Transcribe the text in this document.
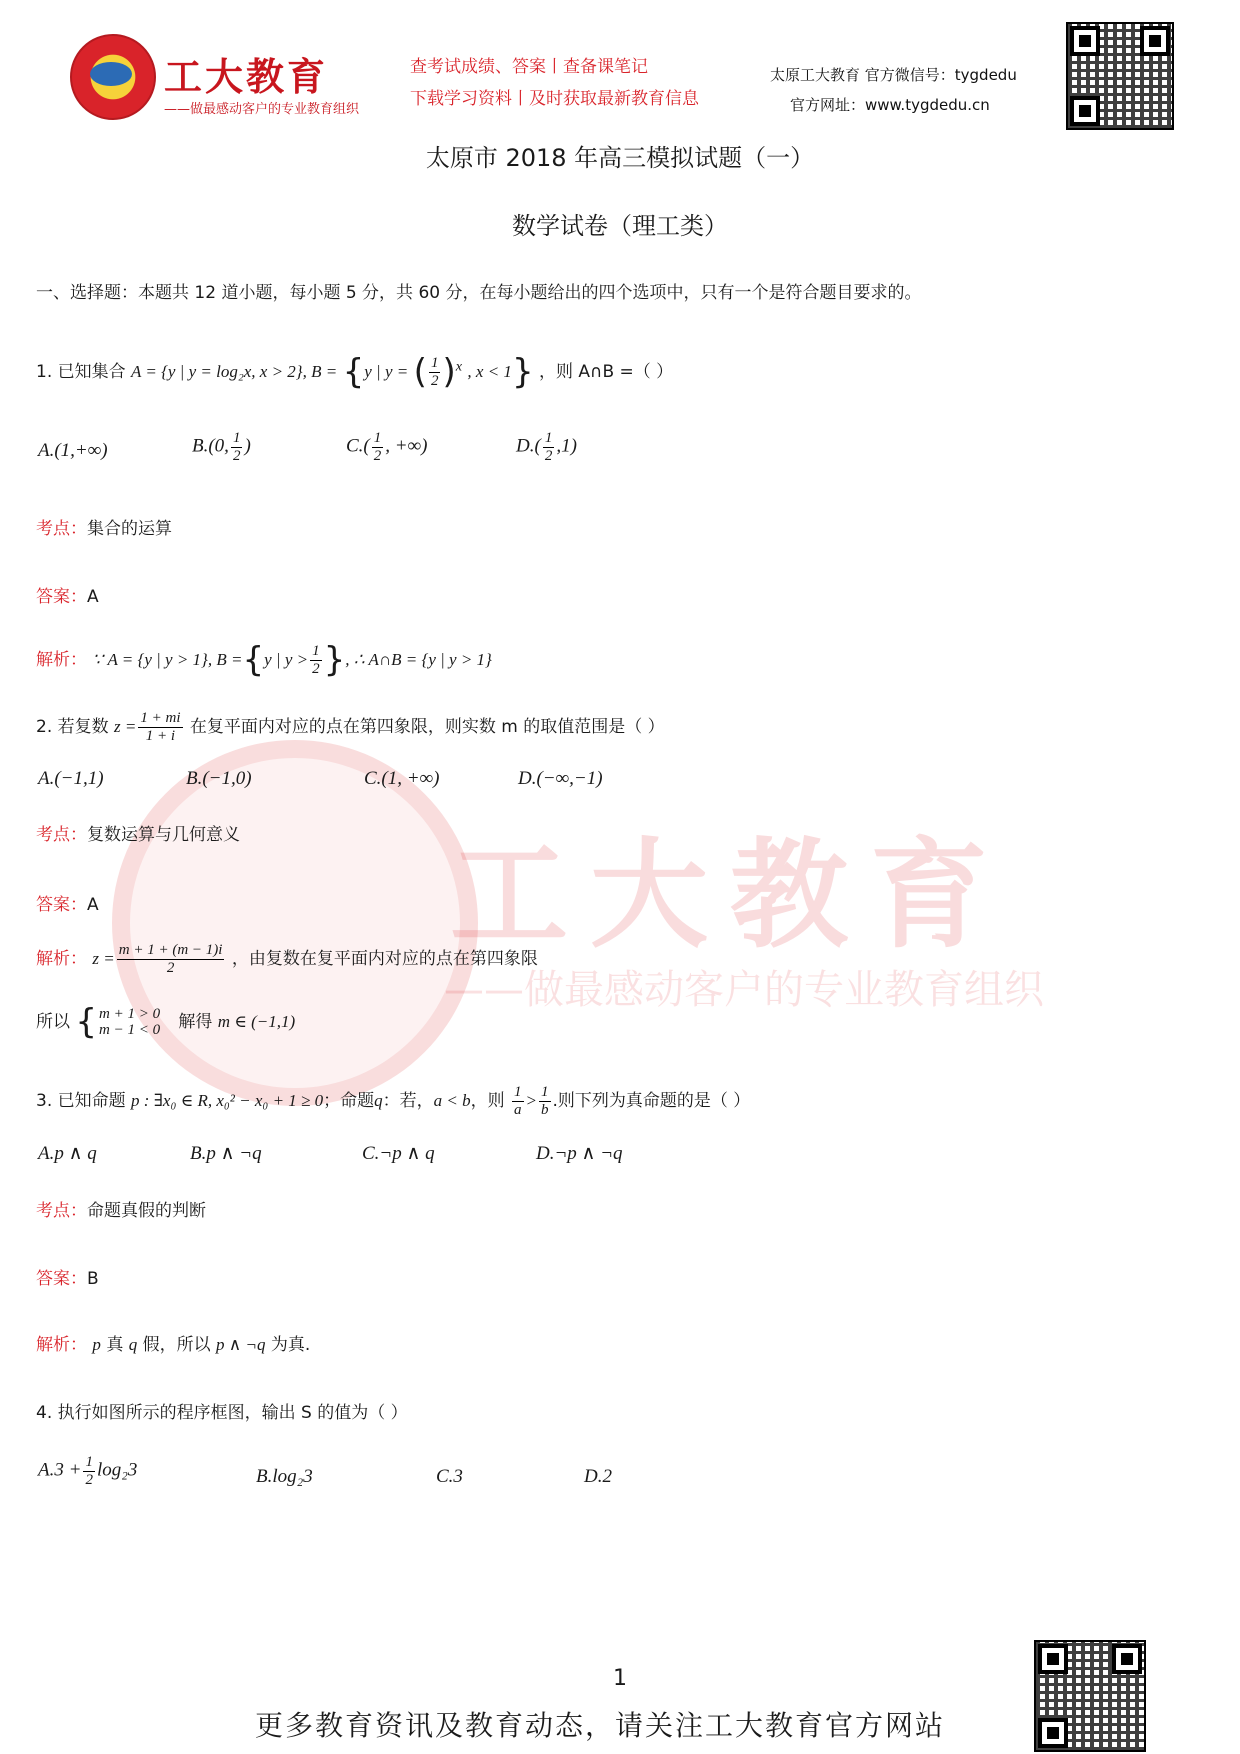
工大教育
——做最感动客户的专业教育组织
工大教育
——做最感动客户的专业教育组织
查考试成绩、答案丨查备课笔记
下载学习资料丨及时获取最新教育信息
太原工大教育 官方微信号：tygdedu
官方网址：www.tygdedu.cn
太原市 2018 年高三模拟试题（一）
数学试卷（理工类）
一、选择题：本题共 12 道小题，每小题 5 分，共 60 分，在每小题给出的四个选项中，只有一个是符合题目要求的。
1. 已知集合 A = {y | y = log₂x, x > 2}, B = {y | y = ( $\frac{1}{2} )^x$ , x < 1} ，则 A∩B =（ ）
A.(1,+∞)	B.(0, $\frac{1}{2}$ )	$C.( \frac{1}{2}$ , +∞)	$D.( \frac{1}{2} ,1)$
考点：集合的运算
答案：A
解析： ∵ A = {y | y > 1}, B ={y | $y > \frac{1}{2}$ }, ∴ A∩B = {y | y > 1}
2. 若复数 $z = \frac{1 + mi}{1 + i}$ 在复平面内对应的点在第四象限，则实数 m 的取值范围是（ ）
A.(−1,1)	B.(−1,0)	C.(1, +∞)	D.(−∞,−1)
考点：复数运算与几何意义
答案：A
解析： $z = \frac{m + 1 + (m - 1)i}{2}$ ，由复数在复平面内对应的点在第四象限
所以 { m + 1 > 0
m − 1 < 0 解得 m ∈ (−1,1)
3. 已知命题 p : ∃x₀ ∈ R, x₀² − x₀ + 1 ≥ 0；命题q：若，a < b，则 $\frac{1}{a} > \frac{1}{b}$ .则下列为真命题的是（ ）
A.p ∧ q	B.p ∧ ¬q	C.¬p ∧ q	D.¬p ∧ ¬q
考点：命题真假的判断
答案：B
解析： p 真 q 假，所以 p ∧ ¬q 为真.
4. 执行如图所示的程序框图，输出 S 的值为（ ）
$A.3 + \frac{1}{2} \log_23$	B.log₂3	C.3	D.2
1
更多教育资讯及教育动态，请关注工大教育官方网站
